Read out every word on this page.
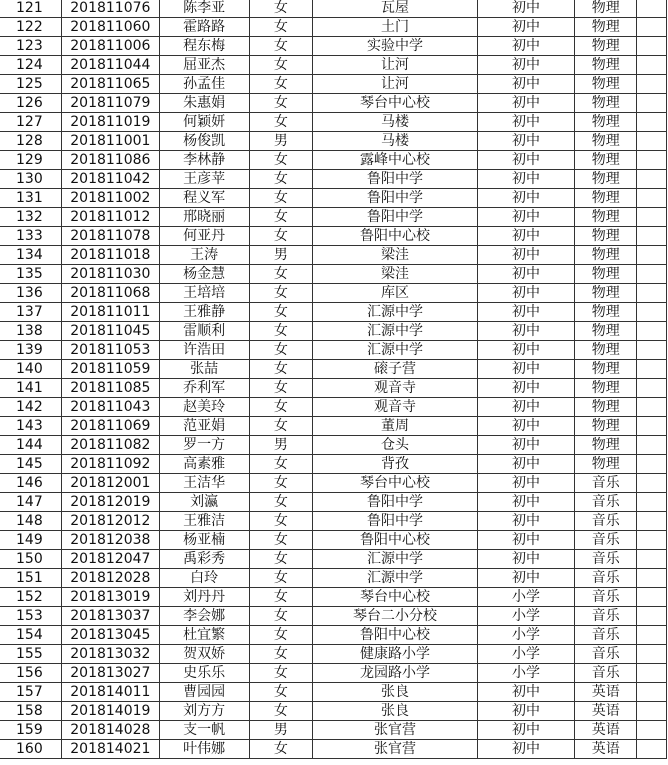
121	201811076	陈李亚	女	瓦屋	初中	物理	
122	201811060	霍路路	女	土门	初中	物理	
123	201811006	程东梅	女	实验中学	初中	物理	
124	201811044	屈亚杰	女	让河	初中	物理	
125	201811065	孙孟佳	女	让河	初中	物理	
126	201811079	朱惠娟	女	琴台中心校	初中	物理	
127	201811019	何颖妍	女	马楼	初中	物理	
128	201811001	杨俊凯	男	马楼	初中	物理	
129	201811086	李林静	女	露峰中心校	初中	物理	
130	201811042	王彦苹	女	鲁阳中学	初中	物理	
131	201811002	程义军	女	鲁阳中学	初中	物理	
132	201811012	邢晓丽	女	鲁阳中学	初中	物理	
133	201811078	何亚丹	女	鲁阳中心校	初中	物理	
134	201811018	王涛	男	梁洼	初中	物理	
135	201811030	杨金慧	女	梁洼	初中	物理	
136	201811068	王培培	女	库区	初中	物理	
137	201811011	王雅静	女	汇源中学	初中	物理	
138	201811045	雷顺利	女	汇源中学	初中	物理	
139	201811053	许浩田	女	汇源中学	初中	物理	
140	201811059	张喆	女	磙子营	初中	物理	
141	201811085	乔利军	女	观音寺	初中	物理	
142	201811043	赵美玲	女	观音寺	初中	物理	
143	201811069	范亚娟	女	董周	初中	物理	
144	201811082	罗一方	男	仓头	初中	物理	
145	201811092	高素雅	女	背孜	初中	物理	
146	201812001	王洁华	女	琴台中心校	初中	音乐	
147	201812019	刘瀛	女	鲁阳中学	初中	音乐	
148	201812012	王雅洁	女	鲁阳中学	初中	音乐	
149	201812038	杨亚楠	女	鲁阳中心校	初中	音乐	
150	201812047	禹彩秀	女	汇源中学	初中	音乐	
151	201812028	白玲	女	汇源中学	初中	音乐	
152	201813019	刘丹丹	女	琴台中心校	小学	音乐	
153	201813037	李会娜	女	琴台二小分校	小学	音乐	
154	201813045	杜宜繁	女	鲁阳中心校	小学	音乐	
155	201813032	贺双娇	女	健康路小学	小学	音乐	
156	201813027	史乐乐	女	龙园路小学	小学	音乐	
157	201814011	曹园园	女	张良	初中	英语	
158	201814019	刘方方	女	张良	初中	英语	
159	201814028	支一帆	男	张官营	初中	英语	
160	201814021	叶伟娜	女	张官营	初中	英语	
